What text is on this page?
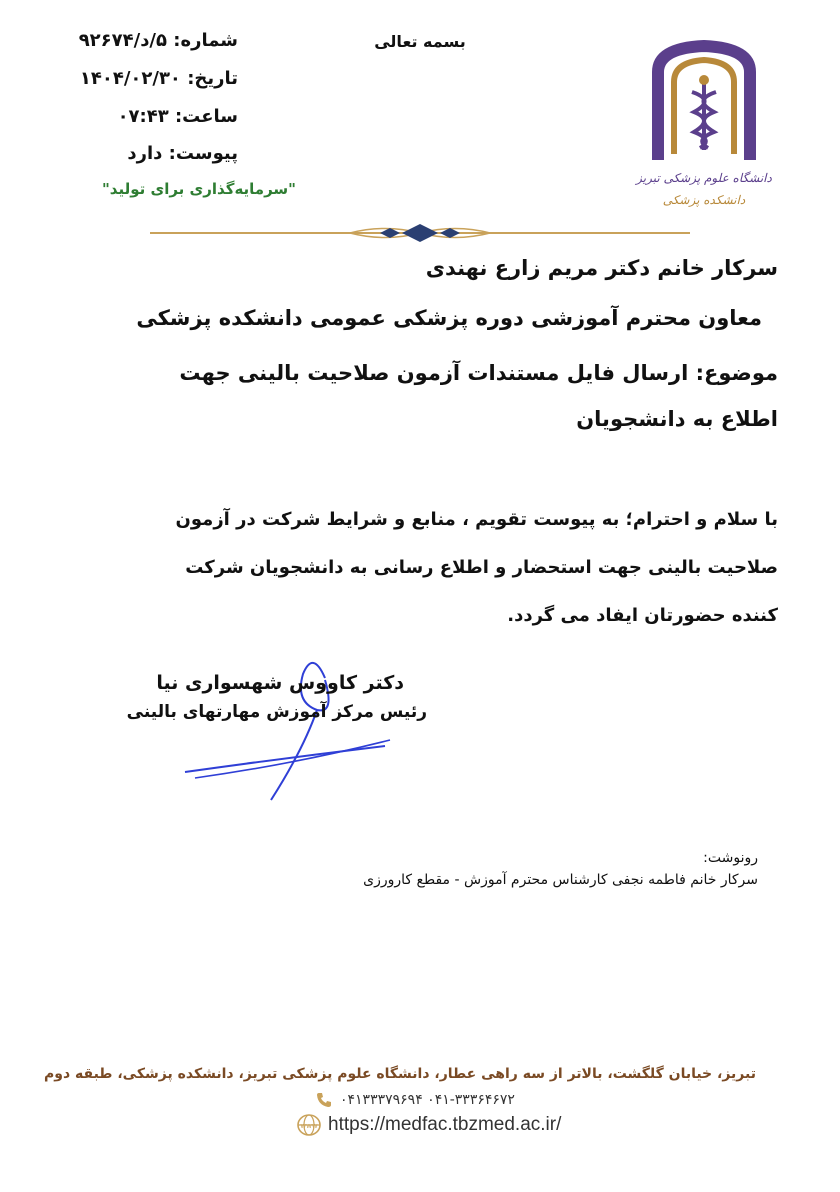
شماره: ۵/د/۹۲۶۷۴
تاریخ: ۱۴۰۴/۰۲/۳۰
ساعت: ۰۷:۴۳
پیوست: دارد
"سرمایه‌گذاری برای تولید"
بسمه تعالی
دانشگاه علوم پزشکی تبریز
دانشکده پزشکی
سرکار خانم دکتر مریم زارع نهندی
معاون محترم آموزشی دوره پزشکی عمومی دانشکده پزشکی
موضوع: ارسال فایل مستندات آزمون صلاحیت بالینی جهت اطلاع به دانشجویان
با سلام و احترام؛ به پیوست تقویم ، منابع و شرایط شرکت در آزمون صلاحیت بالینی جهت استحضار و اطلاع رسانی به دانشجویان شرکت کننده حضورتان ایفاد می گردد.
دکتر کاووس شهسواری نیا
رئیس مرکز آموزش مهارتهای بالینی
رونوشت:
سرکار خانم فاطمه نجفی کارشناس محترم آموزش - مقطع کارورزی
تبریز، خیابان گلگشت، بالاتر از سه راهی عطار، دانشگاه علوم پزشکی تبریز، دانشکده پزشکی، طبقه دوم
۰۴۱-۳۳۳۶۴۶۷۲ ۰۴۱۳۳۳۷۹۶۹۴
www https://medfac.tbzmed.ac.ir/
